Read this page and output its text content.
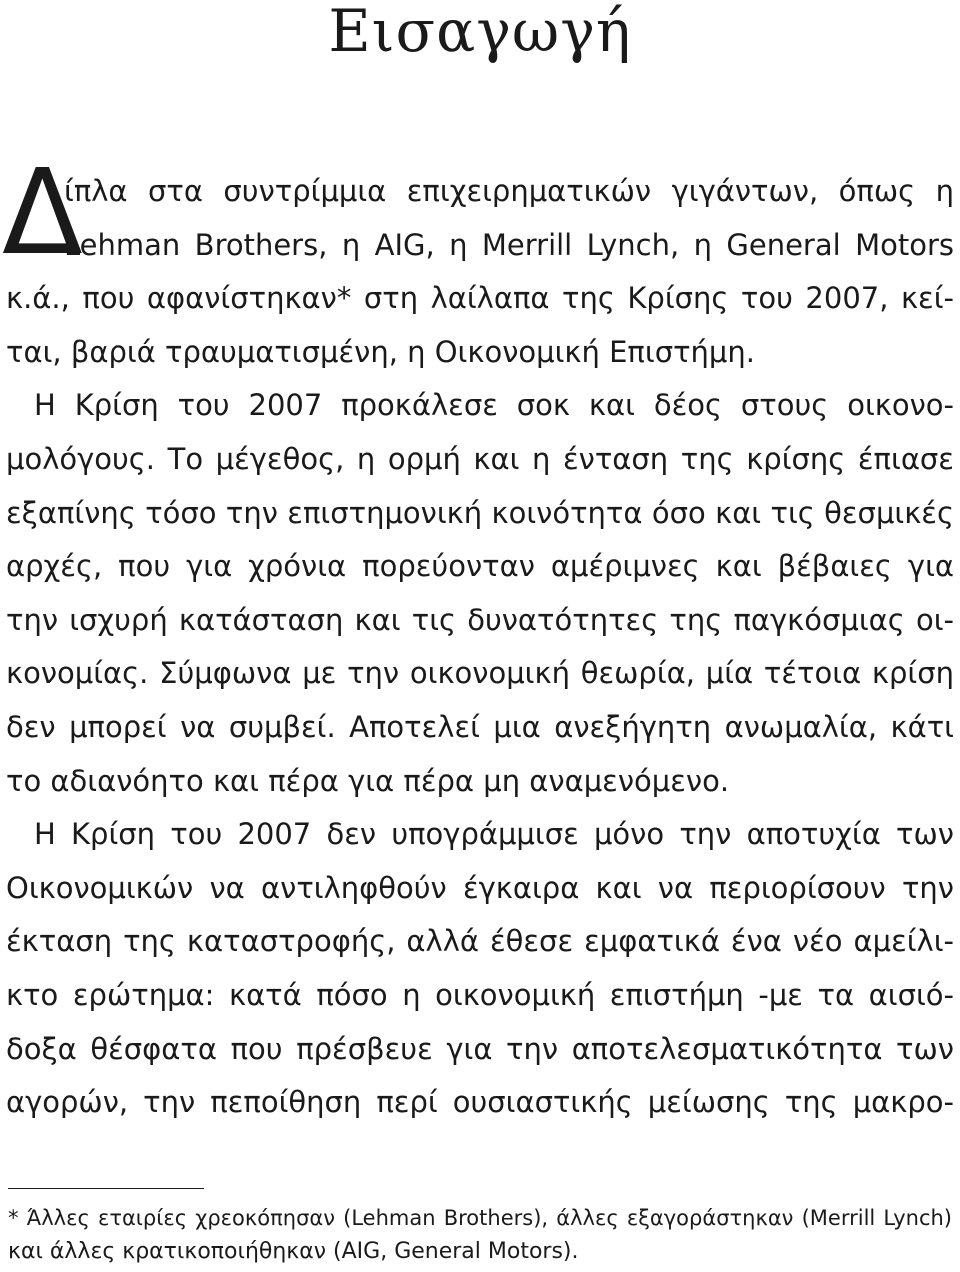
Εισαγωγή
Δ
ίπλα στα συντρίμμια επιχειρηματικών γιγάντων, όπως η
Lehman Brothers, η AIG, η Merrill Lynch, η General Motors
κ.ά., που αφανίστηκαν* στη λαίλαπα της Κρίσης του 2007, κεί-
ται, βαριά τραυματισμένη, η Οικονομική Επιστήμη.
Η Κρίση του 2007 προκάλεσε σοκ και δέος στους οικονο-
μολόγους. Το μέγεθος, η ορμή και η ένταση της κρίσης έπιασε
εξαπίνης τόσο την επιστημονική κοινότητα όσο και τις θεσμικές
αρχές, που για χρόνια πορεύονταν αμέριμνες και βέβαιες για
την ισχυρή κατάσταση και τις δυνατότητες της παγκόσμιας οι-
κονομίας. Σύμφωνα με την οικονομική θεωρία, μία τέτοια κρίση
δεν μπορεί να συμβεί. Αποτελεί μια ανεξήγητη ανωμαλία, κάτι
το αδιανόητο και πέρα για πέρα μη αναμενόμενο.
Η Κρίση του 2007 δεν υπογράμμισε μόνο την αποτυχία των
Οικονομικών να αντιληφθούν έγκαιρα και να περιορίσουν την
έκταση της καταστροφής, αλλά έθεσε εμφατικά ένα νέο αμείλι-
κτο ερώτημα: κατά πόσο η οικονομική επιστήμη -με τα αισιό-
δοξα θέσφατα που πρέσβευε για την αποτελεσματικότητα των
αγορών, την πεποίθηση περί ουσιαστικής μείωσης της μακρο-
* Άλλες εταιρίες χρεοκόπησαν (Lehman Brothers), άλλες εξαγοράστηκαν (Merrill Lynch)
και άλλες κρατικοποιήθηκαν (AIG, General Motors).
